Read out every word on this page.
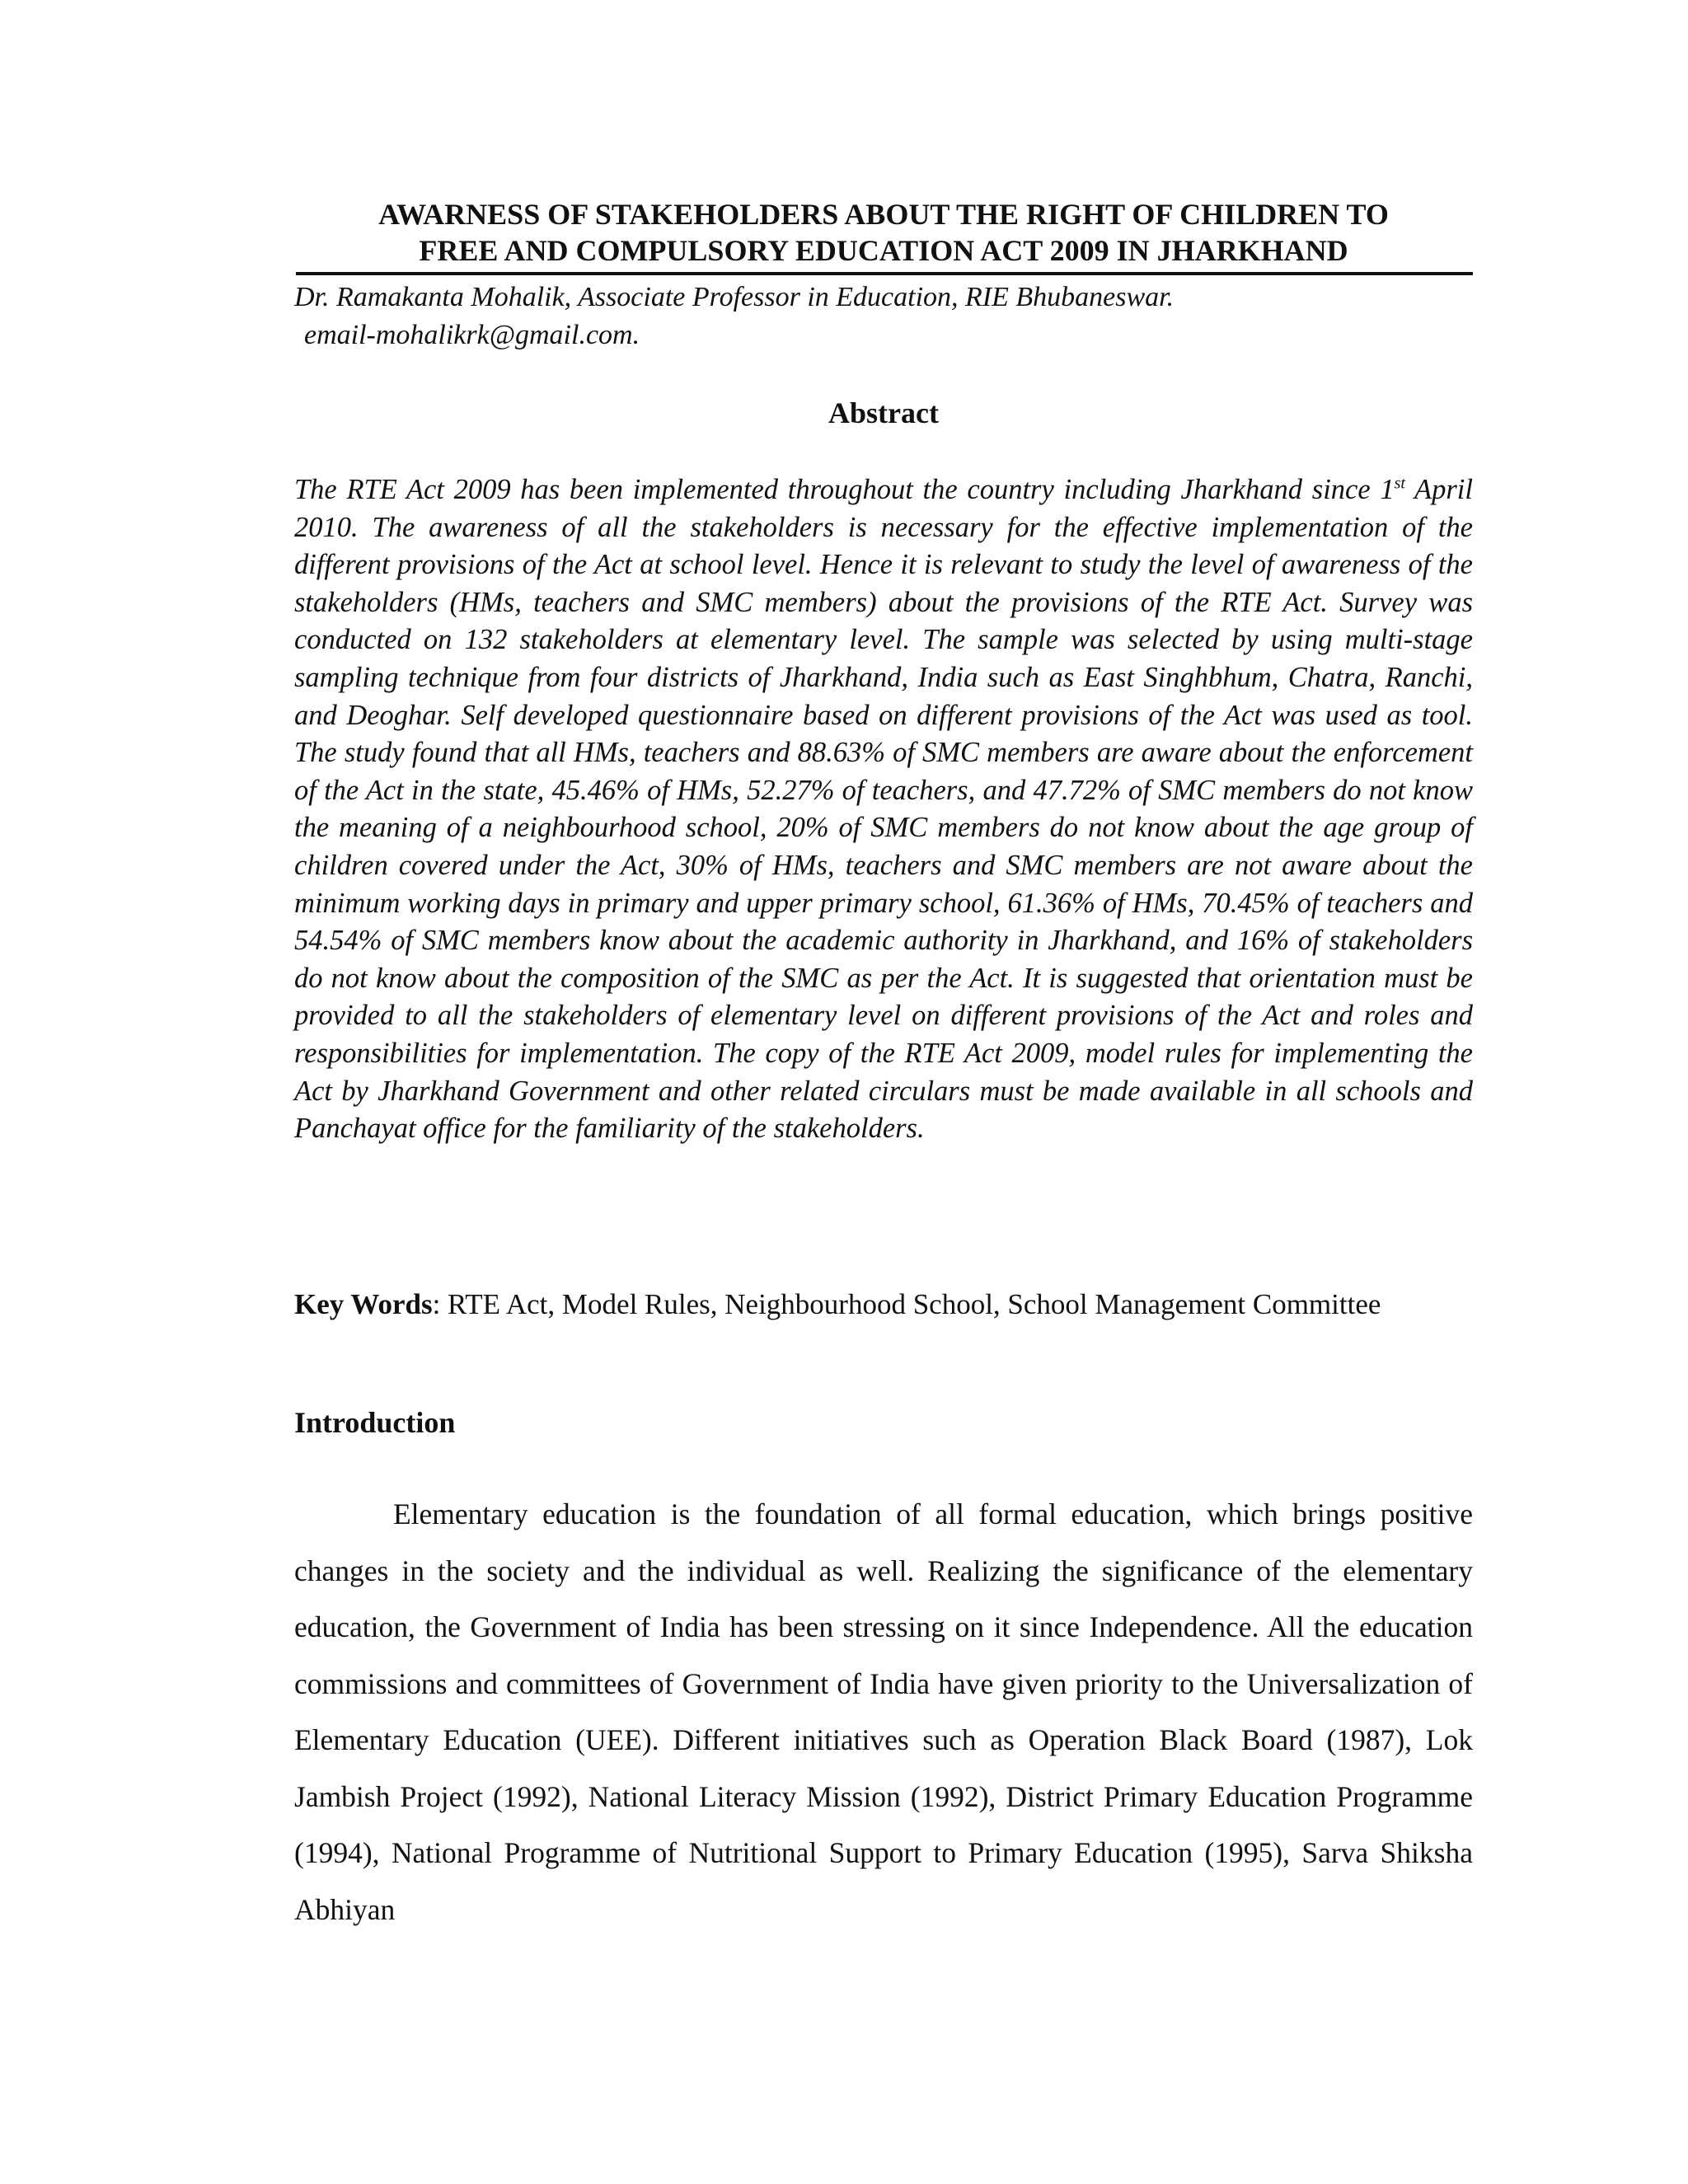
AWARNESS OF STAKEHOLDERS ABOUT THE RIGHT OF CHILDREN TO
FREE AND COMPULSORY EDUCATION ACT 2009 IN JHARKHAND
Dr. Ramakanta Mohalik, Associate Professor in Education, RIE Bhubaneswar.
email-mohalikrk@gmail.com.
Abstract

The RTE Act 2009 has been implemented throughout the country including Jharkhand since 1st April 2010. The awareness of all the stakeholders is necessary for the effective implementation of the different provisions of the Act at school level. Hence it is relevant to study the level of awareness of the stakeholders (HMs, teachers and SMC members) about the provisions of the RTE Act. Survey was conducted on 132 stakeholders at elementary level. The sample was selected by using multi-stage sampling technique from four districts of Jharkhand, India such as East Singhbhum, Chatra, Ranchi, and Deoghar. Self developed questionnaire based on different provisions of the Act was used as tool. The study found that all HMs, teachers and 88.63% of SMC members are aware about the enforcement of the Act in the state, 45.46% of HMs, 52.27% of teachers, and 47.72% of SMC members do not know the meaning of a neighbourhood school, 20% of SMC members do not know about the age group of children covered under the Act, 30% of HMs, teachers and SMC members are not aware about the minimum working days in primary and upper primary school, 61.36% of HMs, 70.45% of teachers and 54.54% of SMC members know about the academic authority in Jharkhand, and 16% of stakeholders do not know about the composition of the SMC as per the Act. It is suggested that orientation must be provided to all the stakeholders of elementary level on different provisions of the Act and roles and responsibilities for implementation. The copy of the RTE Act 2009, model rules for implementing the Act by Jharkhand Government and other related circulars must be made available in all schools and Panchayat office for the familiarity of the stakeholders.

Key Words: RTE Act, Model Rules, Neighbourhood School, School Management Committee

Introduction

Elementary education is the foundation of all formal education, which brings positive changes in the society and the individual as well. Realizing the significance of the elementary education, the Government of India has been stressing on it since Independence. All the education commissions and committees of Government of India have given priority to the Universalization of Elementary Education (UEE). Different initiatives such as Operation Black Board (1987), Lok Jambish Project (1992), National Literacy Mission (1992), District Primary Education Programme (1994), National Programme of Nutritional Support to Primary Education (1995), Sarva Shiksha Abhiyan
